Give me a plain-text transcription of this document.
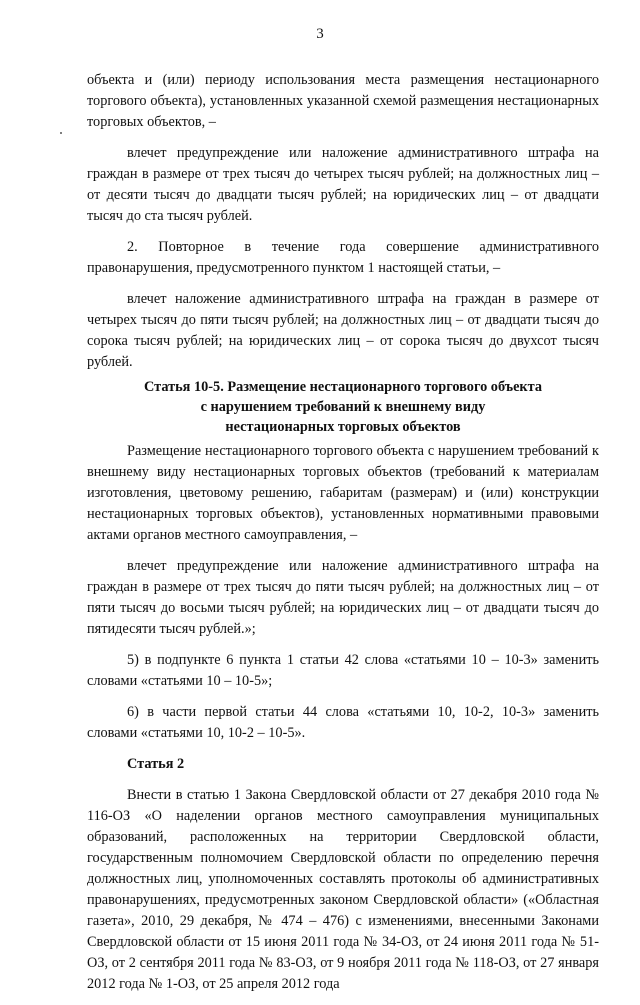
3

объекта и (или) периоду использования места размещения нестационарного торгового объекта), установленных указанной схемой размещения нестационарных торговых объектов, –

влечет предупреждение или наложение административного штрафа на граждан в размере от трех тысяч до четырех тысяч рублей; на должностных лиц – от десяти тысяч до двадцати тысяч рублей; на юридических лиц – от двадцати тысяч до ста тысяч рублей.

2. Повторное в течение года совершение административного правонарушения, предусмотренного пунктом 1 настоящей статьи, –

влечет наложение административного штрафа на граждан в размере от четырех тысяч до пяти тысяч рублей; на должностных лиц – от двадцати тысяч до сорока тысяч рублей; на юридических лиц – от сорока тысяч до двухсот тысяч рублей.

Статья 10-5. Размещение нестационарного торгового объекта
с нарушением требований к внешнему виду
нестационарных торговых объектов

Размещение нестационарного торгового объекта с нарушением требований к внешнему виду нестационарных торговых объектов (требований к материалам изготовления, цветовому решению, габаритам (размерам) и (или) конструкции нестационарных торговых объектов), установленных нормативными правовыми актами органов местного самоуправления, –

влечет предупреждение или наложение административного штрафа на граждан в размере от трех тысяч до пяти тысяч рублей; на должностных лиц – от пяти тысяч до восьми тысяч рублей; на юридических лиц – от двадцати тысяч до пятидесяти тысяч рублей.»;

5) в подпункте 6 пункта 1 статьи 42 слова «статьями 10 – 10-3» заменить словами «статьями 10 – 10-5»;

6) в части первой статьи 44 слова «статьями 10, 10-2, 10-3» заменить словами «статьями 10, 10-2 – 10-5».

Статья 2

Внести в статью 1 Закона Свердловской области от 27 декабря 2010 года № 116-ОЗ «О наделении органов местного самоуправления муниципальных образований, расположенных на территории Свердловской области, государственным полномочием Свердловской области по определению перечня должностных лиц, уполномоченных составлять протоколы об административных правонарушениях, предусмотренных законом Свердловской области» («Областная газета», 2010, 29 декабря, № 474 – 476) с изменениями, внесенными Законами Свердловской области от 15 июня 2011 года № 34-ОЗ, от 24 июня 2011 года № 51-ОЗ, от 2 сентября 2011 года № 83-ОЗ, от 9 ноября 2011 года № 118-ОЗ, от 27 января 2012 года № 1-ОЗ, от 25 апреля 2012 года
